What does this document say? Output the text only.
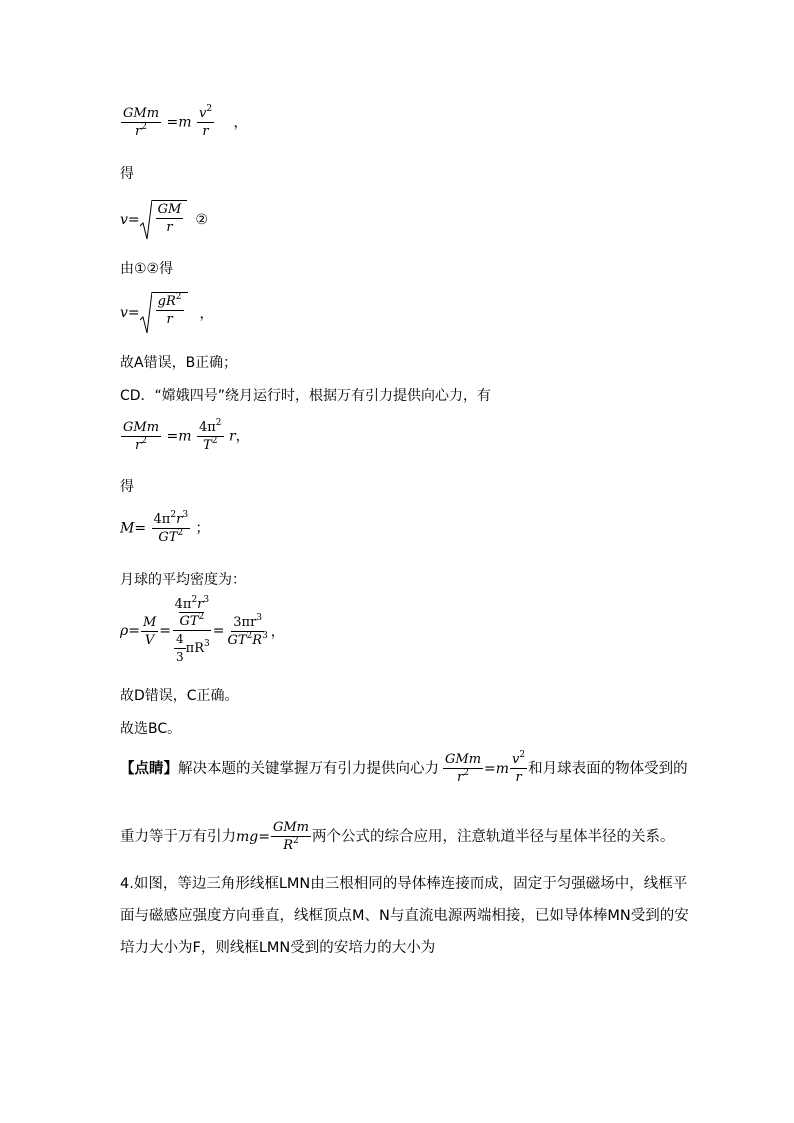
$\frac{\text{GMm}}{r^2} =m \frac{v^2}{r}$ ，
得
$v = \frac{GM}{r}$ ②
由①②得
$v = \frac{gR^2}{r}$ ，
故A错误，B正确；
CD．“嫦娥四号”绕月运行时，根据万有引力提供向心力，有
$\frac{\text{GMm}}{r^2} =m \frac{4\pi^2}{T^2}$ r，
得
$M= \frac{4\pi^2r^3}{GT^2}$ ；
月球的平均密度为：
$\rho = \frac{M}{V} = 4\pi^2r^3$
$GT^2$
$\frac{4}{3} \pi R^3 = \frac{3\pi r^3}{GT^2R^3}$ ，
故D错误，C正确。
故选BC。
【点睛】 解决本题的关键掌握万有引力提供向心力 $\frac{\text{GMm}}{r^2} = m \frac{v^2}{r}$ 和月球表面的物体受到的
重力等于万有引力 mg = $\frac{\text{GMm}}{R^2}$ 两个公式的综合应用，注意轨道半径与星体半径的关系。
4.如图，等边三角形线框LMN由三根相同的导体棒连接而成，固定于匀强磁场中，线框平
面与磁感应强度方向垂直，线框顶点M、N与直流电源两端相接，已如导体棒MN受到的安
培力大小为F，则线框LMN受到的安培力的大小为
